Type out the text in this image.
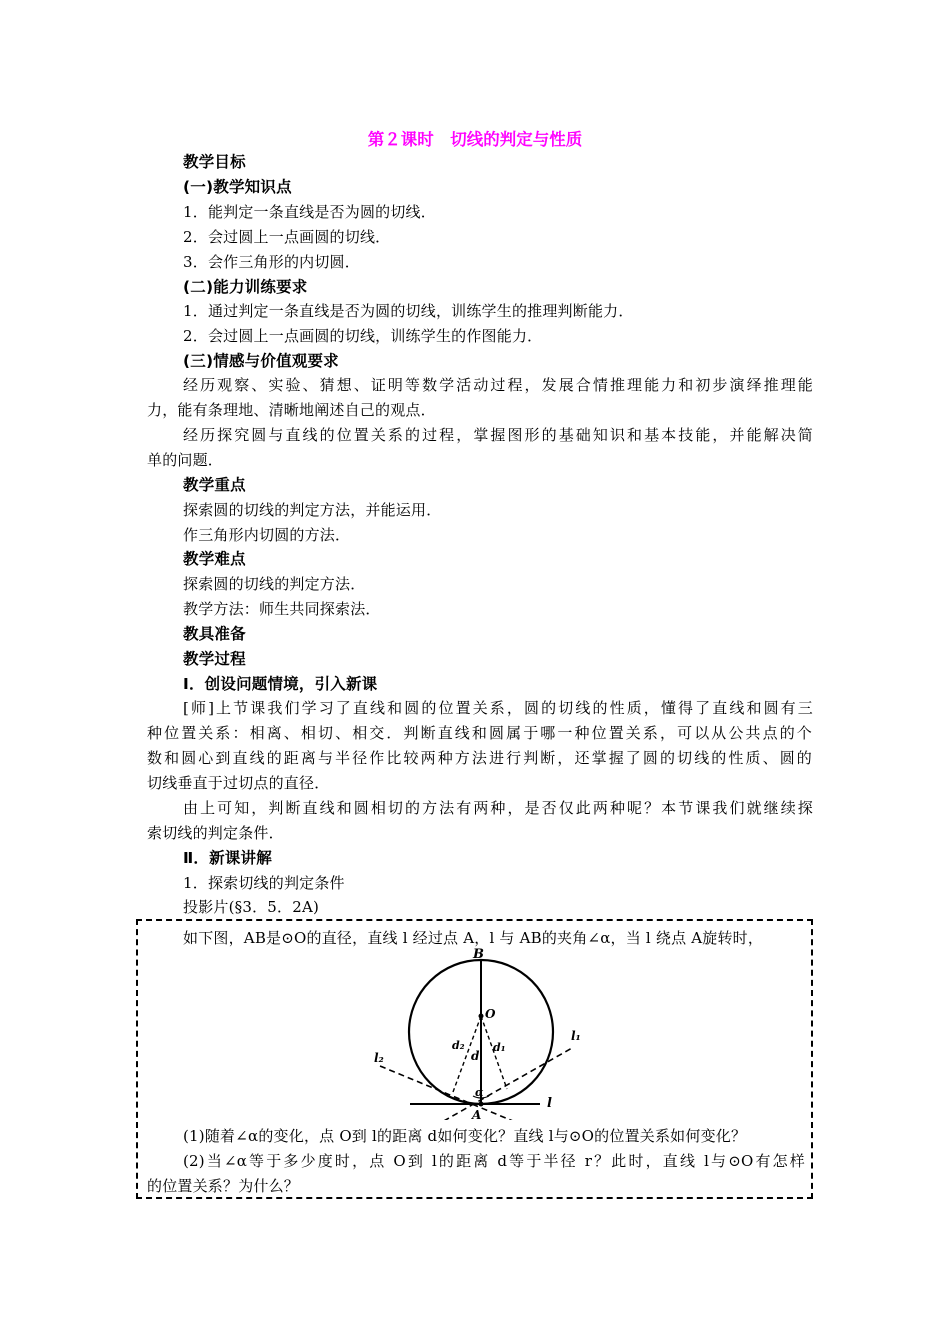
第２课时　切线的判定与性质
教学目标
(一)教学知识点
1．能判定一条直线是否为圆的切线．
2．会过圆上一点画圆的切线．
3．会作三角形的内切圆．
(二)能力训练要求
1．通过判定一条直线是否为圆的切线，训练学生的推理判断能力．
2．会过圆上一点画圆的切线，训练学生的作图能力．
(三)情感与价值观要求
经历观察、实验、猜想、证明等数学活动过程，发展合情推理能力和初步演绎推理能
力，能有条理地、清晰地阐述自己的观点．
经历探究圆与直线的位置关系的过程，掌握图形的基础知识和基本技能，并能解决简
单的问题．
教学重点
探索圆的切线的判定方法，并能运用．
作三角形内切圆的方法．
教学难点
探索圆的切线的判定方法．
教学方法：师生共同探索法．
教具准备
教学过程
Ⅰ．创设问题情境，引入新课
[师]上节课我们学习了直线和圆的位置关系，圆的切线的性质，懂得了直线和圆有三
种位置关系：相离、相切、相交．判断直线和圆属于哪一种位置关系，可以从公共点的个
数和圆心到直线的距离与半径作比较两种方法进行判断，还掌握了圆的切线的性质、圆的
切线垂直于过切点的直径．
由上可知，判断直线和圆相切的方法有两种，是否仅此两种呢？本节课我们就继续探
索切线的判定条件．
Ⅱ．新课讲解
1．探索切线的判定条件
投影片(§3．5．2A)
如下图，AB是⊙O的直径，直线 l 经过点 A，l 与 AB的夹角∠α，当 l 绕点 A旋转时，
B
O
A
d
d₁
d₂
α
l
l₁
l₂
(1)随着∠α的变化，点 O到 l的距离 d如何变化？直线 l与⊙O的位置关系如何变化？
(2)当∠α等于多少度时，点 O到 l的距离 d等于半径 r？此时，直线 l与⊙O有怎样
的位置关系？为什么？
